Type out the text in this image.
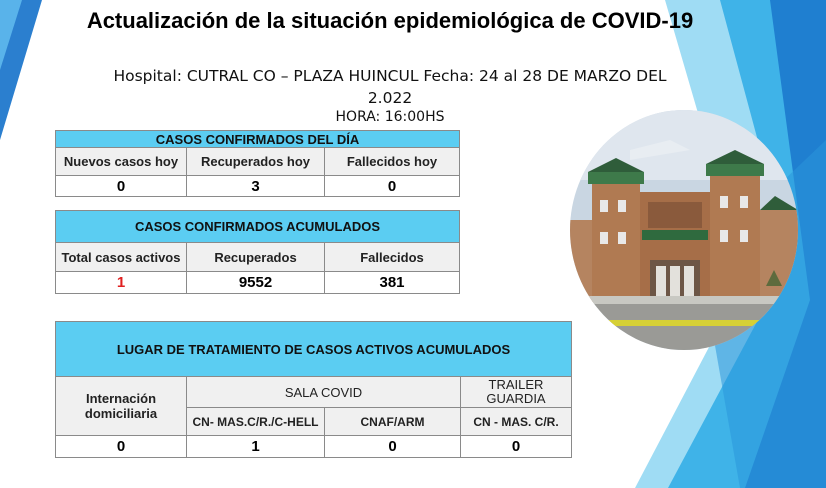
Actualización de la situación epidemiológica de COVID-19
Hospital: CUTRAL CO – PLAZA HUINCUL Fecha: 24 al 28 DE MARZO DEL 2.022
HORA: 16:00HS
CASOS CONFIRMADOS DEL DÍA		
Nuevos casos hoy	Recuperados hoy	Fallecidos hoy
0	3	0
CASOS CONFIRMADOS ACUMULADOS		
Total casos activos	Recuperados	Fallecidos
1	9552	381
LUGAR DE TRATAMIENTO DE CASOS ACTIVOS ACUMULADOS			
Internación domiciliaria	SALA COVID		TRAILER GUARDIA
	CN- MAS.C/R./C-HELL	CNAF/ARM	CN - MAS. C/R.
0	1	0	0
